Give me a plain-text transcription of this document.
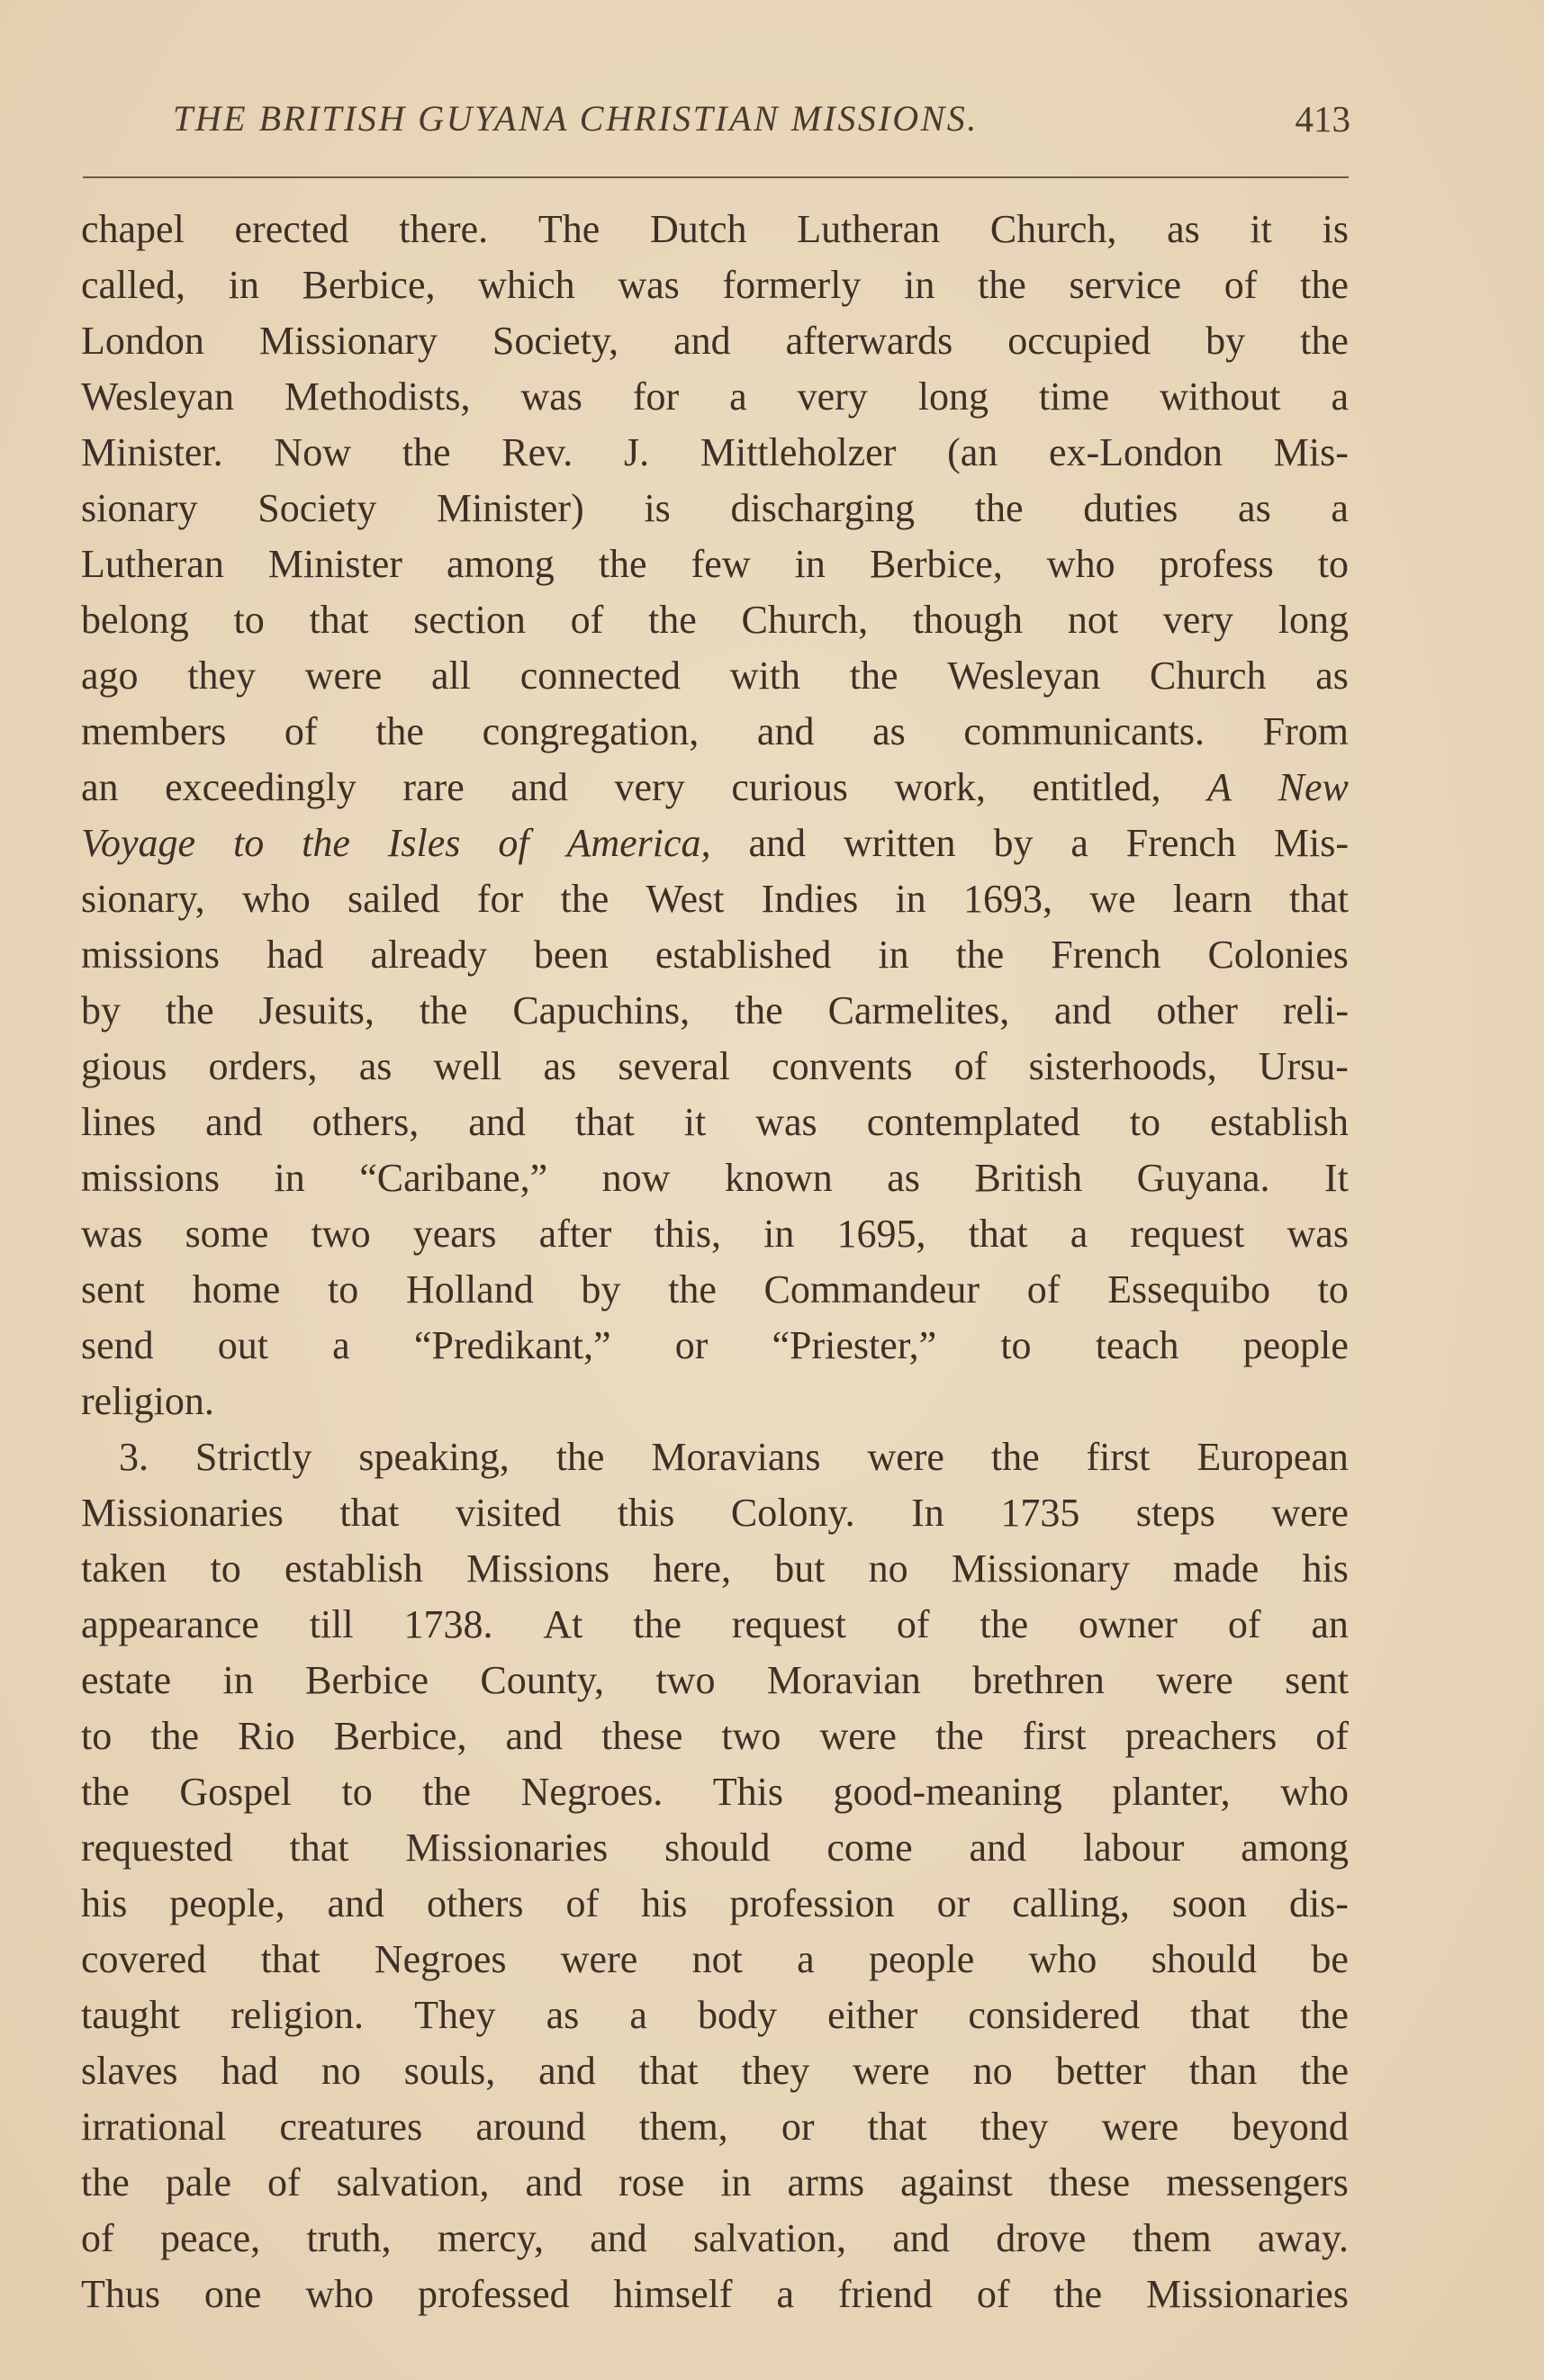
THE BRITISH GUYANA CHRISTIAN MISSIONS.	413
chapel erected there. The Dutch Lutheran Church, as it is
called, in Berbice, which was formerly in the service of the
London Missionary Society, and afterwards occupied by the
Wesleyan Methodists, was for a very long time without a
Minister. Now the Rev. J. Mittleholzer (an ex-London Mis-
sionary Society Minister) is discharging the duties as a
Lutheran Minister among the few in Berbice, who profess to
belong to that section of the Church, though not very long
ago they were all connected with the Wesleyan Church as
members of the congregation, and as communicants. From
an exceedingly rare and very curious work, entitled, A New
Voyage to the Isles of America, and written by a French Mis-
sionary, who sailed for the West Indies in 1693, we learn that
missions had already been established in the French Colonies
by the Jesuits, the Capuchins, the Carmelites, and other reli-
gious orders, as well as several convents of sisterhoods, Ursu-
lines and others, and that it was contemplated to establish
missions in “Caribane,” now known as British Guyana. It
was some two years after this, in 1695, that a request was
sent home to Holland by the Commandeur of Essequibo to
send out a “Predikant,” or “Priester,” to teach people
religion.
3. Strictly speaking, the Moravians were the first European
Missionaries that visited this Colony. In 1735 steps were
taken to establish Missions here, but no Missionary made his
appearance till 1738. At the request of the owner of an
estate in Berbice County, two Moravian brethren were sent
to the Rio Berbice, and these two were the first preachers of
the Gospel to the Negroes. This good-meaning planter, who
requested that Missionaries should come and labour among
his people, and others of his profession or calling, soon dis-
covered that Negroes were not a people who should be
taught religion. They as a body either considered that the
slaves had no souls, and that they were no better than the
irrational creatures around them, or that they were beyond
the pale of salvation, and rose in arms against these messengers
of peace, truth, mercy, and salvation, and drove them away.
Thus one who professed himself a friend of the Missionaries
